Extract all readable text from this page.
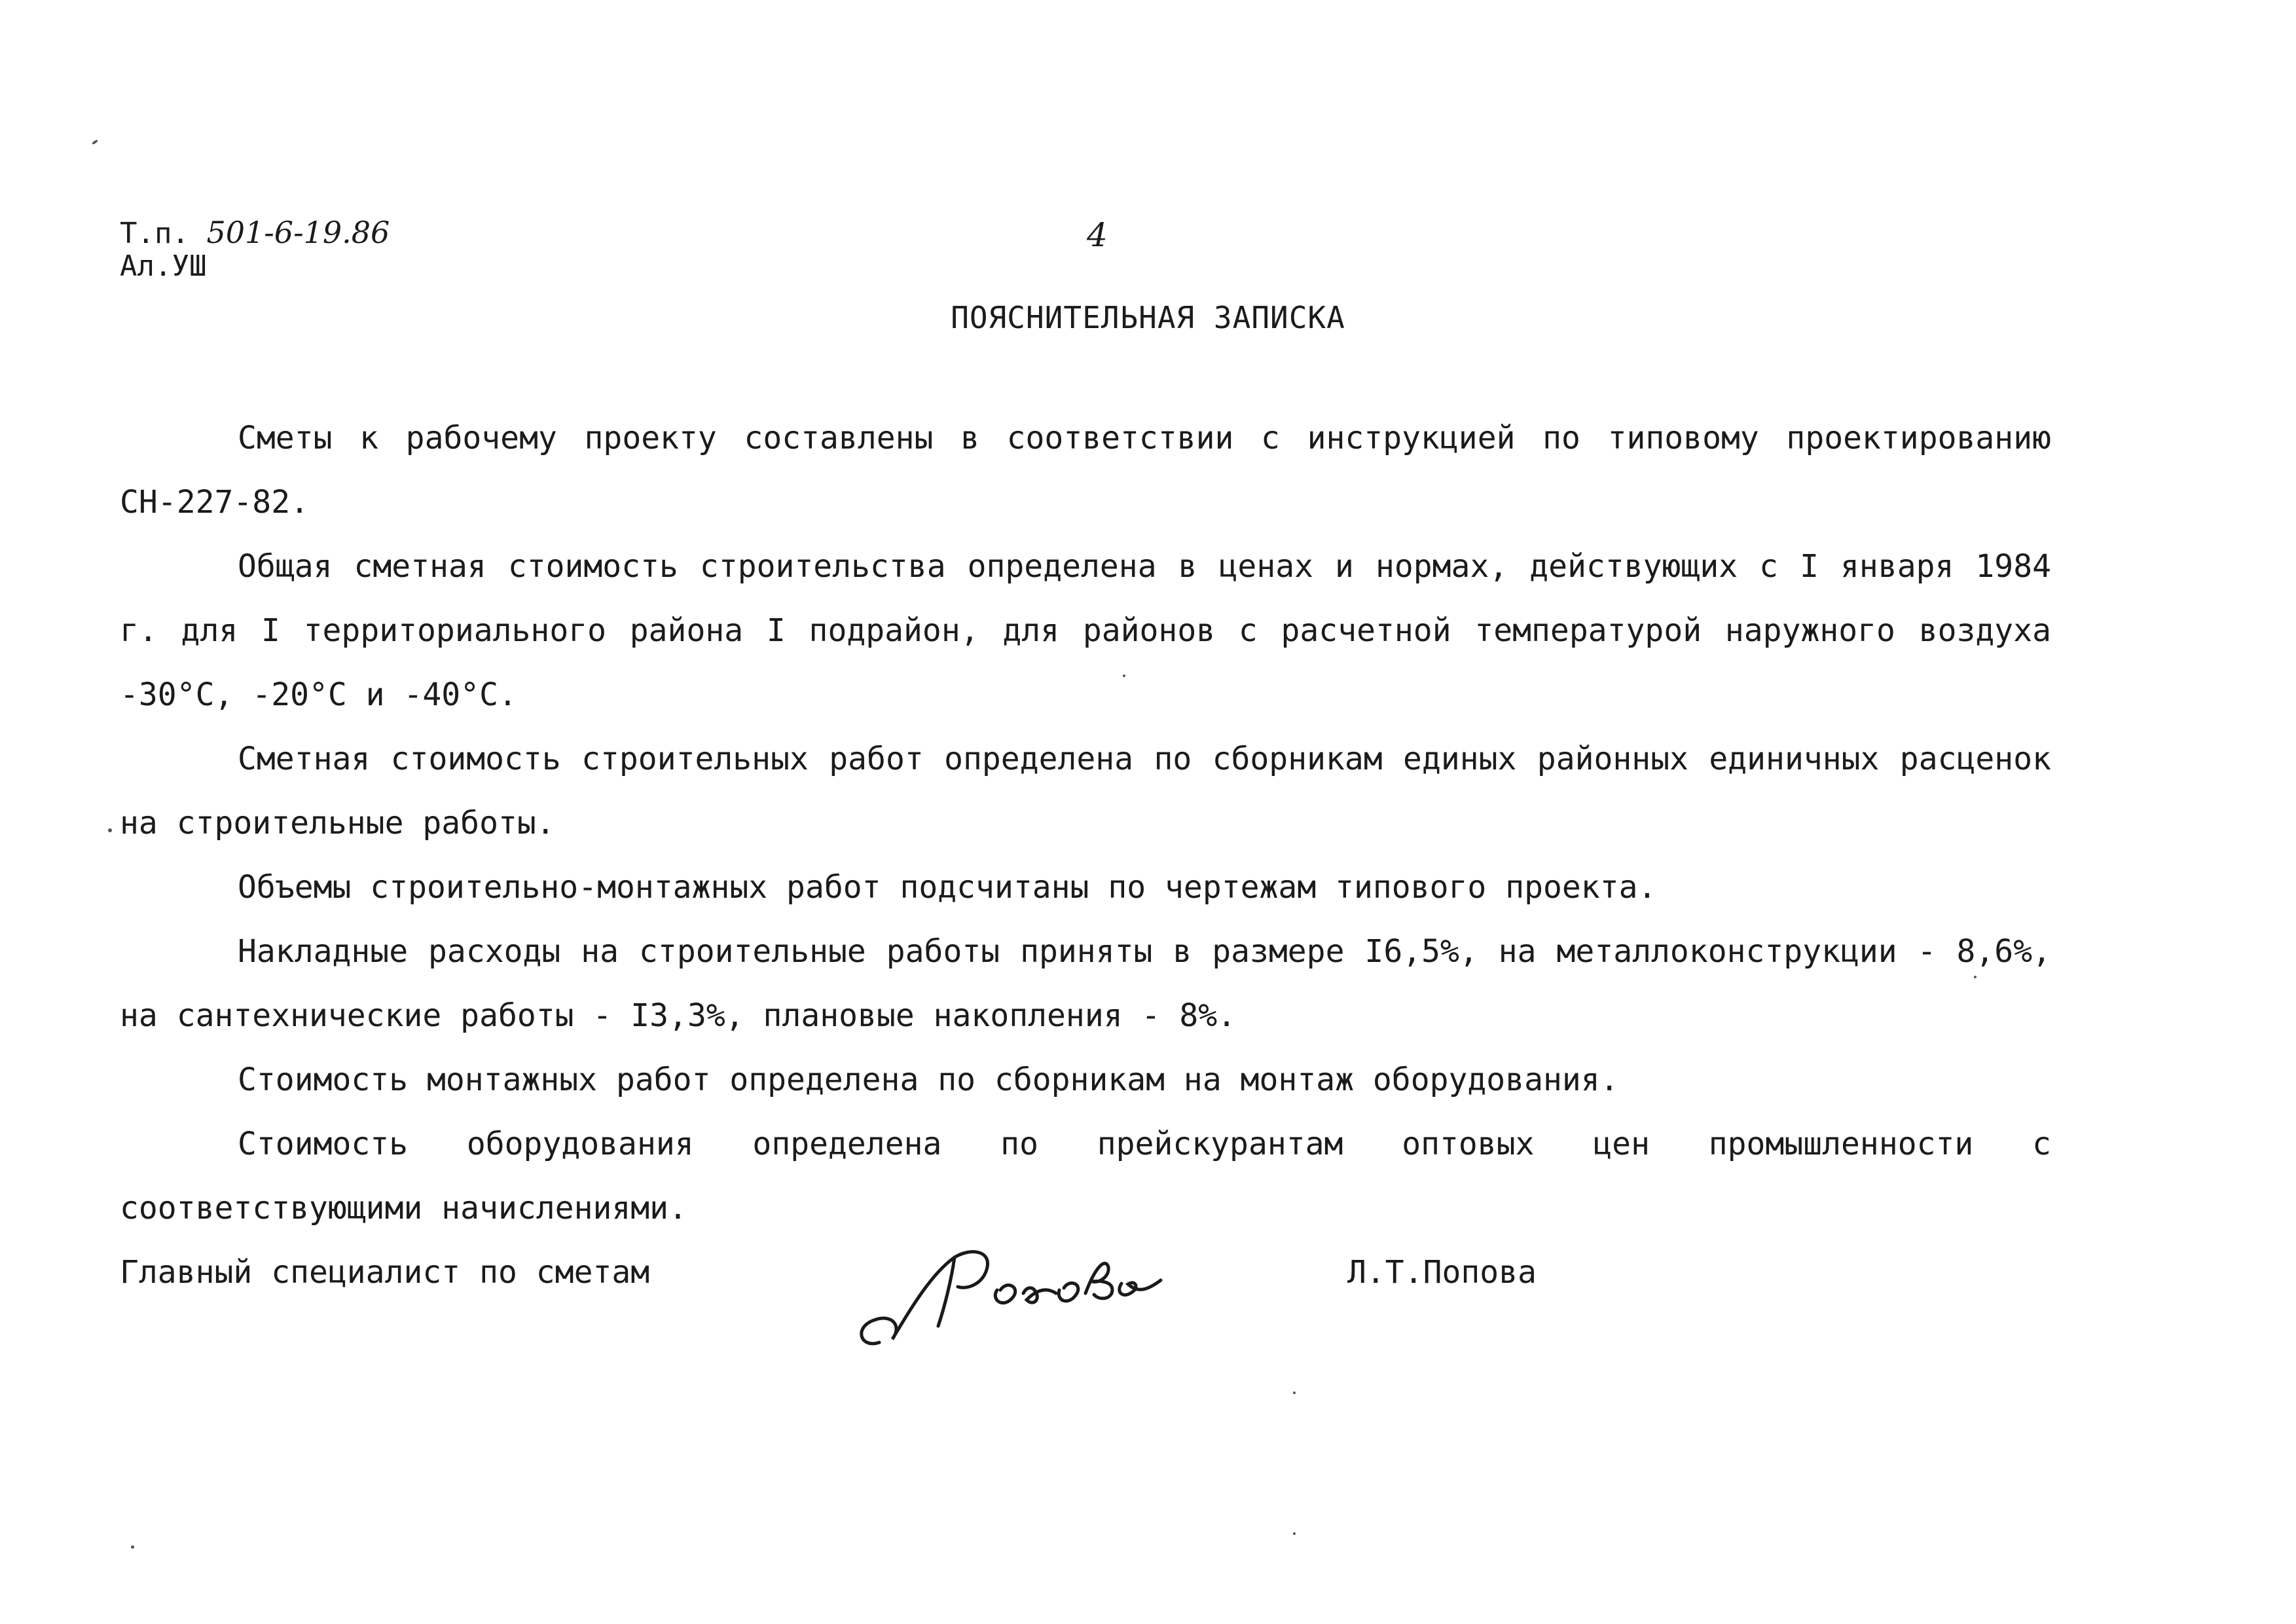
Т.п. 501-6-19.86
Ал.УШ
4
ПОЯСНИТЕЛЬНАЯ ЗАПИСКА

Сметы к рабочему проекту составлены в соответствии с инструкцией по типовому проектированию СН-227-82.

Общая сметная стоимость строительства определена в ценах и нормах, действующих с I января 1984 г. для I территориального района I подрайон, для районов с расчетной температурой наружного воздуха -30°C, -20°C и -40°C.

Сметная стоимость строительных работ определена по сборникам единых районных единичных расценок на строительные работы.

Объемы строительно-монтажных работ подсчитаны по чертежам типового проекта.

Накладные расходы на строительные работы приняты в размере I6,5%, на металлоконструкции - 8,6%, на сантехнические работы - I3,3%, плановые накопления - 8%.

Стоимость монтажных работ определена по сборникам на монтаж оборудования.

Стоимость оборудования определена по прейскурантам оптовых цен промышленности с соответствующими начислениями.

Главный специалист по сметам	Л.Т.Попова
